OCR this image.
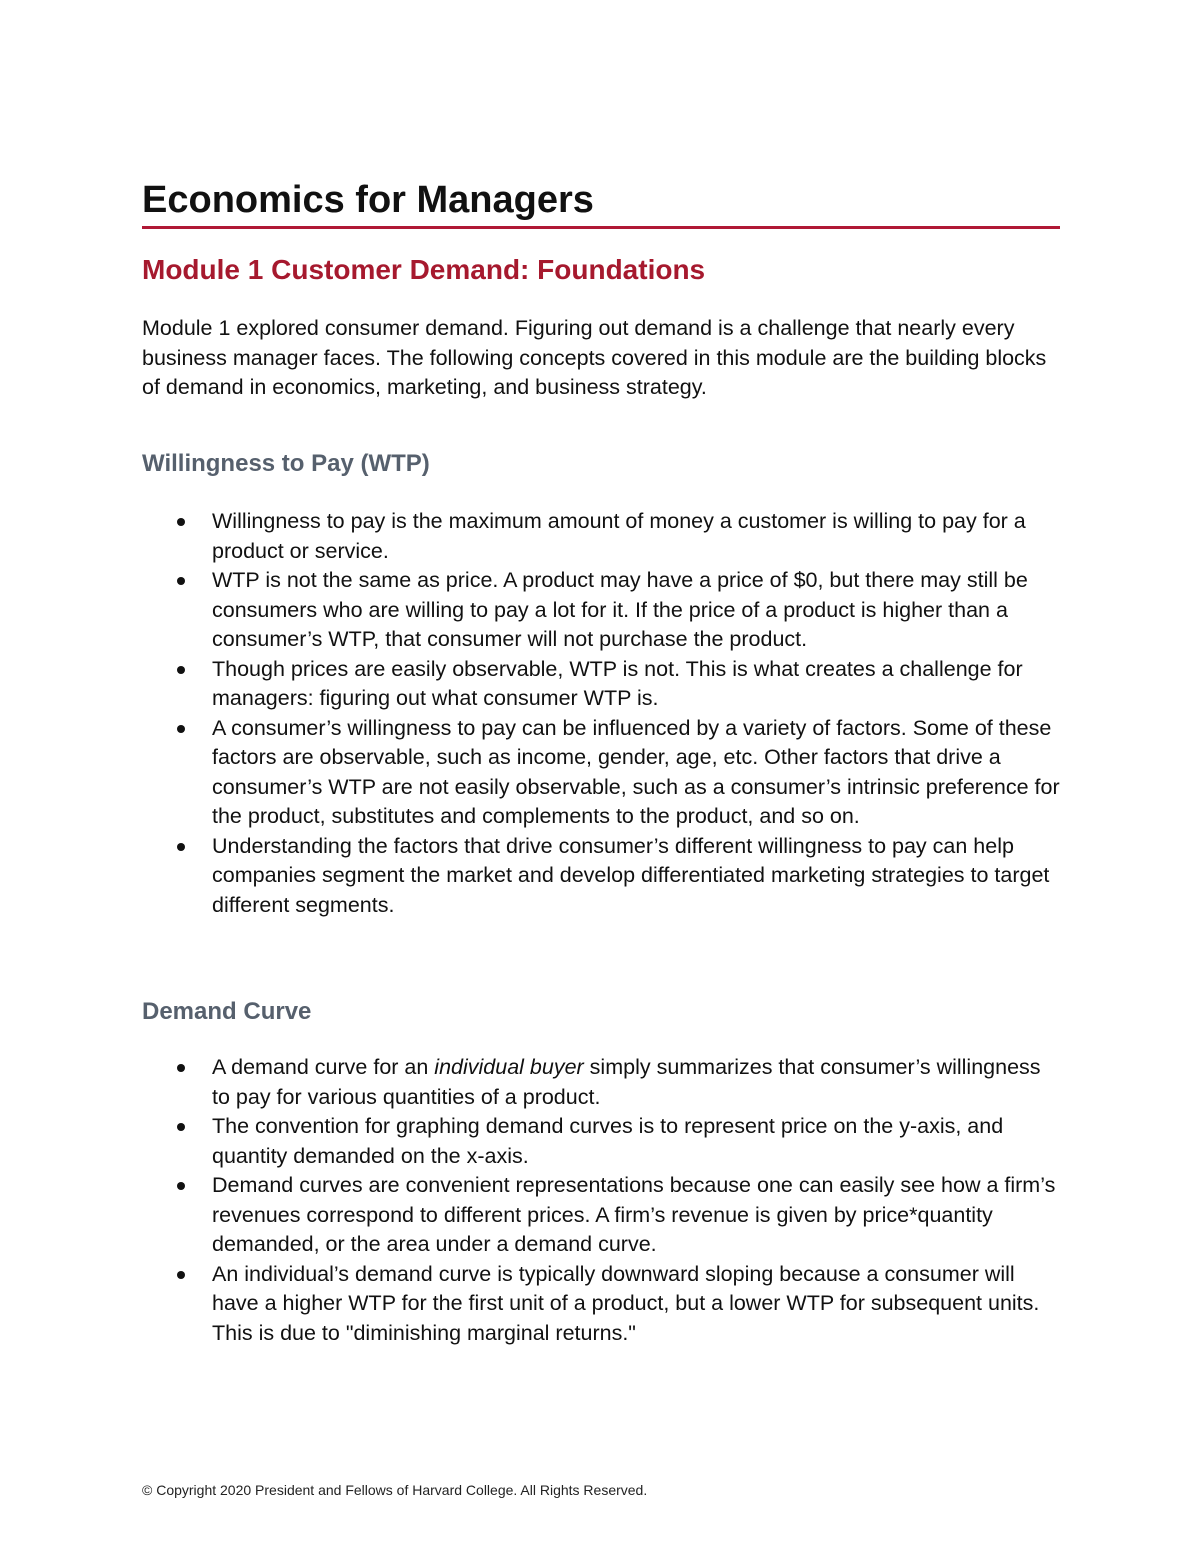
Economics for Managers
Module 1 Customer Demand: Foundations

Module 1 explored consumer demand. Figuring out demand is a challenge that nearly every business manager faces. The following concepts covered in this module are the building blocks of demand in economics, marketing, and business strategy.

Willingness to Pay (WTP)
Willingness to pay is the maximum amount of money a customer is willing to pay for a product or service.
WTP is not the same as price. A product may have a price of $0, but there may still be consumers who are willing to pay a lot for it. If the price of a product is higher than a consumer’s WTP, that consumer will not purchase the product.
Though prices are easily observable, WTP is not. This is what creates a challenge for managers: figuring out what consumer WTP is.
A consumer’s willingness to pay can be influenced by a variety of factors. Some of these factors are observable, such as income, gender, age, etc. Other factors that drive a consumer’s WTP are not easily observable, such as a consumer’s intrinsic preference for the product, substitutes and complements to the product, and so on.
Understanding the factors that drive consumer’s different willingness to pay can help companies segment the market and develop differentiated marketing strategies to target different segments.
Demand Curve
A demand curve for an individual buyer simply summarizes that consumer’s willingness to pay for various quantities of a product.
The convention for graphing demand curves is to represent price on the y-axis, and quantity demanded on the x-axis.
Demand curves are convenient representations because one can easily see how a firm’s revenues correspond to different prices. A firm’s revenue is given by price*quantity demanded, or the area under a demand curve.
An individual’s demand curve is typically downward sloping because a consumer will have a higher WTP for the first unit of a product, but a lower WTP for subsequent units. This is due to "diminishing marginal returns."

© Copyright 2020 President and Fellows of Harvard College. All Rights Reserved.
